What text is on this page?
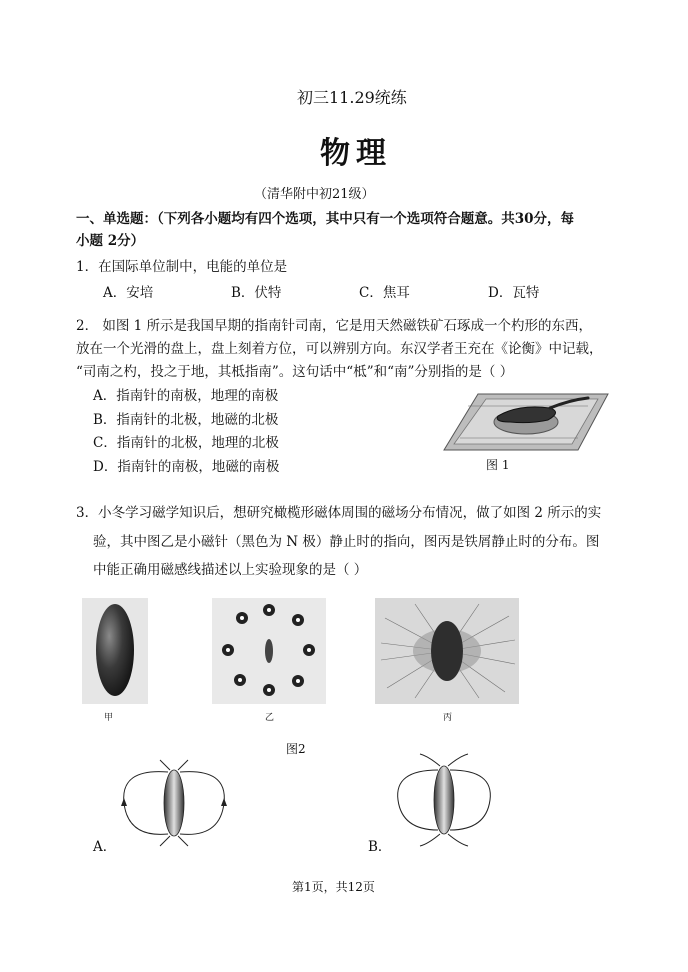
初三11.29统练
物理
（清华附中初21级）
一、单选题：（下列各小题均有四个选项，其中只有一个选项符合题意。共30分，每
小题 2分）
1．在国际单位制中，电能的单位是
A．安培	B．伏特	C．焦耳	D．瓦特
2． 如图 1 所示是我国早期的指南针司南，它是用天然磁铁矿石琢成一个杓形的东西，
放在一个光滑的盘上，盘上刻着方位，可以辨别方向。东汉学者王充在《论衡》中记载，
“司南之杓，投之于地，其柢指南”。这句话中“柢”和“南”分别指的是（ ）
A．指南针的南极，地理的南极
B．指南针的北极，地磁的北极
C．指南针的北极，地理的北极
D．指南针的南极，地磁的南极	图 1
3．小冬学习磁学知识后，想研究橄榄形磁体周围的磁场分布情况，做了如图 2 所示的实
验，其中图乙是小磁针（黑色为 N 极）静止时的指向，图丙是铁屑静止时的分布。图
中能正确用磁感线描述以上实验现象的是（ ）
甲	乙	丙
图2
A．	B．
第1页，共12页
